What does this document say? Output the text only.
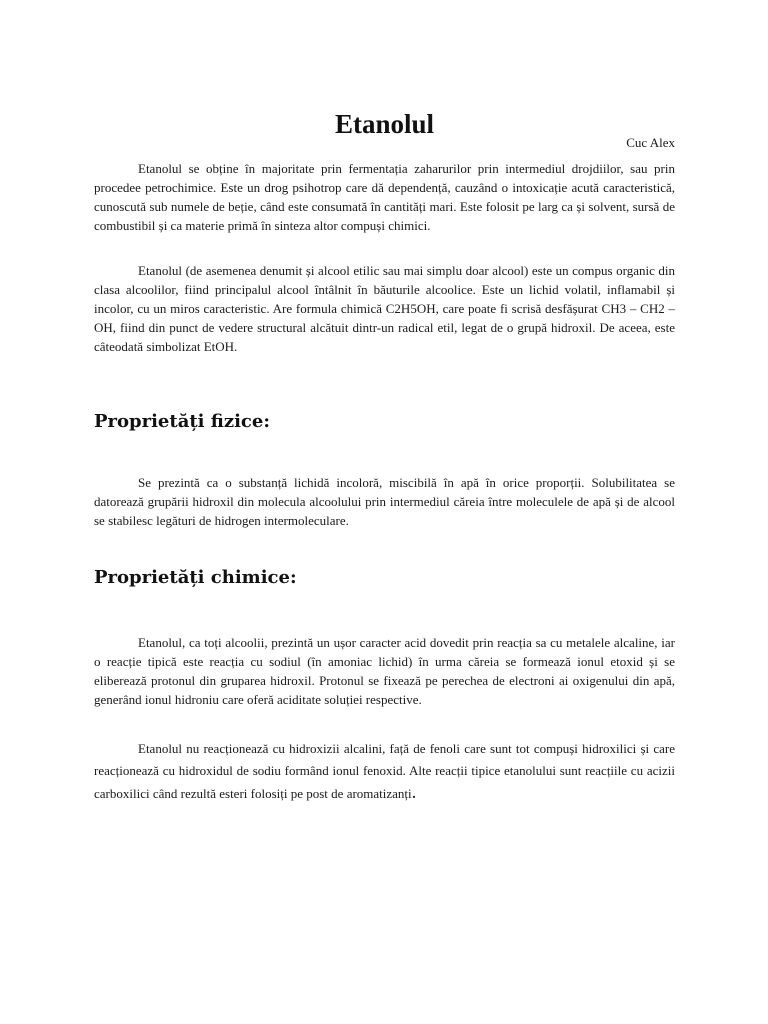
Etanolul
Cuc Alex

Etanolul se obține în majoritate prin fermentația zaharurilor prin intermediul drojdiilor, sau prin procedee petrochimice. Este un drog psihotrop care dă dependență, cauzând o intoxicație acută caracteristică, cunoscută sub numele de beție, când este consumată în cantități mari. Este folosit pe larg ca și solvent, sursă de combustibil și ca materie primă în sinteza altor compuși chimici.

Etanolul (de asemenea denumit și alcool etilic sau mai simplu doar alcool) este un compus organic din clasa alcoolilor, fiind principalul alcool întâlnit în băuturile alcoolice. Este un lichid volatil, inflamabil și incolor, cu un miros caracteristic. Are formula chimică C2H5OH, care poate fi scrisă desfășurat CH3 – CH2 – OH, fiind din punct de vedere structural alcătuit dintr-un radical etil, legat de o grupă hidroxil. De aceea, este câteodată simbolizat EtOH.

Proprietăți fizice:

Se prezintă ca o substanță lichidă incoloră, miscibilă în apă în orice proporții. Solubilitatea se datorează grupării hidroxil din molecula alcoolului prin intermediul căreia între moleculele de apă și de alcool se stabilesc legături de hidrogen intermoleculare.

Proprietăți chimice:

Etanolul, ca toți alcoolii, prezintă un ușor caracter acid dovedit prin reacția sa cu metalele alcaline, iar o reacție tipică este reacția cu sodiul (în amoniac lichid) în urma căreia se formează ionul etoxid și se eliberează protonul din gruparea hidroxil. Protonul se fixează pe perechea de electroni ai oxigenului din apă, generând ionul hidroniu care oferă aciditate soluției respective.

Etanolul nu reacționează cu hidroxizii alcalini, față de fenoli care sunt tot compuși hidroxilici și care reacționează cu hidroxidul de sodiu formând ionul fenoxid. Alte reacții tipice etanolului sunt reacțiile cu acizii carboxilici când rezultă esteri folosiți pe post de aromatizanți.
